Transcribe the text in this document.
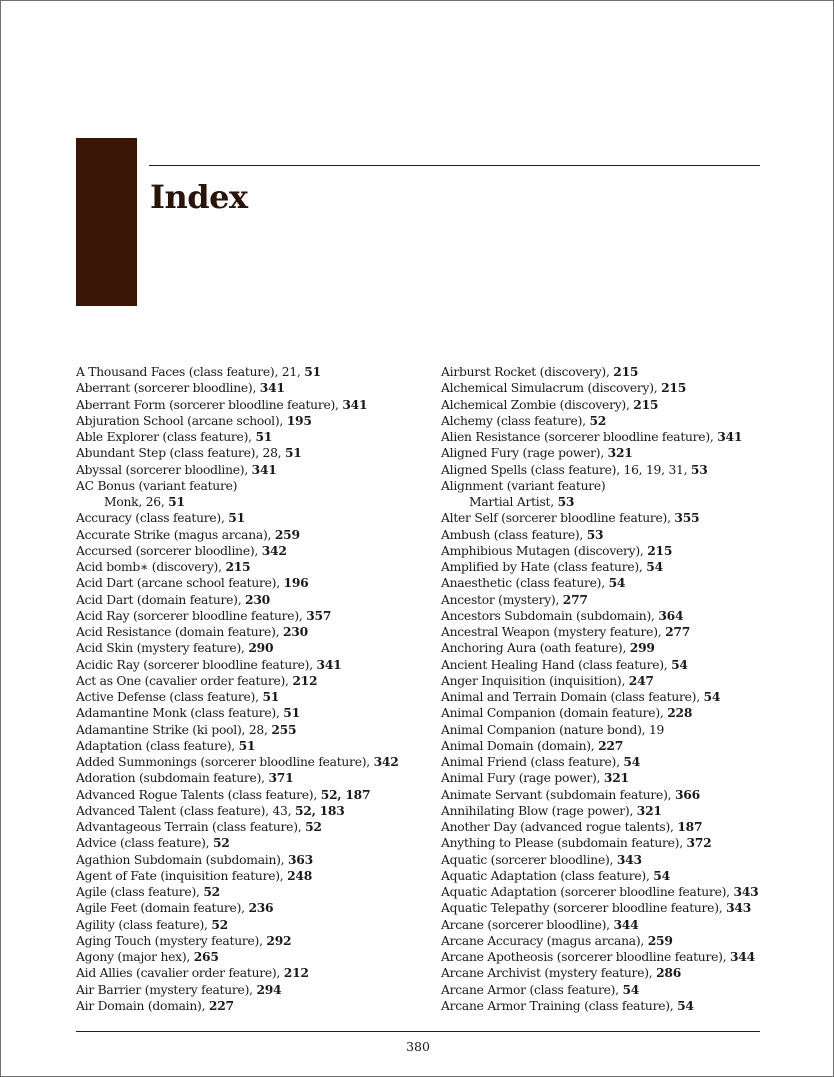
Index
A Thousand Faces (class feature), 21, 51
Aberrant (sorcerer bloodline), 341
Aberrant Form (sorcerer bloodline feature), 341
Abjuration School (arcane school), 195
Able Explorer (class feature), 51
Abundant Step (class feature), 28, 51
Abyssal (sorcerer bloodline), 341
AC Bonus (variant feature)
Monk, 26, 51
Accuracy (class feature), 51
Accurate Strike (magus arcana), 259
Accursed (sorcerer bloodline), 342
Acid bomb∗ (discovery), 215
Acid Dart (arcane school feature), 196
Acid Dart (domain feature), 230
Acid Ray (sorcerer bloodline feature), 357
Acid Resistance (domain feature), 230
Acid Skin (mystery feature), 290
Acidic Ray (sorcerer bloodline feature), 341
Act as One (cavalier order feature), 212
Active Defense (class feature), 51
Adamantine Monk (class feature), 51
Adamantine Strike (ki pool), 28, 255
Adaptation (class feature), 51
Added Summonings (sorcerer bloodline feature), 342
Adoration (subdomain feature), 371
Advanced Rogue Talents (class feature), 52, 187
Advanced Talent (class feature), 43, 52, 183
Advantageous Terrain (class feature), 52
Advice (class feature), 52
Agathion Subdomain (subdomain), 363
Agent of Fate (inquisition feature), 248
Agile (class feature), 52
Agile Feet (domain feature), 236
Agility (class feature), 52
Aging Touch (mystery feature), 292
Agony (major hex), 265
Aid Allies (cavalier order feature), 212
Air Barrier (mystery feature), 294
Air Domain (domain), 227
Airburst Rocket (discovery), 215
Alchemical Simulacrum (discovery), 215
Alchemical Zombie (discovery), 215
Alchemy (class feature), 52
Alien Resistance (sorcerer bloodline feature), 341
Aligned Fury (rage power), 321
Aligned Spells (class feature), 16, 19, 31, 53
Alignment (variant feature)
Martial Artist, 53
Alter Self (sorcerer bloodline feature), 355
Ambush (class feature), 53
Amphibious Mutagen (discovery), 215
Amplified by Hate (class feature), 54
Anaesthetic (class feature), 54
Ancestor (mystery), 277
Ancestors Subdomain (subdomain), 364
Ancestral Weapon (mystery feature), 277
Anchoring Aura (oath feature), 299
Ancient Healing Hand (class feature), 54
Anger Inquisition (inquisition), 247
Animal and Terrain Domain (class feature), 54
Animal Companion (domain feature), 228
Animal Companion (nature bond), 19
Animal Domain (domain), 227
Animal Friend (class feature), 54
Animal Fury (rage power), 321
Animate Servant (subdomain feature), 366
Annihilating Blow (rage power), 321
Another Day (advanced rogue talents), 187
Anything to Please (subdomain feature), 372
Aquatic (sorcerer bloodline), 343
Aquatic Adaptation (class feature), 54
Aquatic Adaptation (sorcerer bloodline feature), 343
Aquatic Telepathy (sorcerer bloodline feature), 343
Arcane (sorcerer bloodline), 344
Arcane Accuracy (magus arcana), 259
Arcane Apotheosis (sorcerer bloodline feature), 344
Arcane Archivist (mystery feature), 286
Arcane Armor (class feature), 54
Arcane Armor Training (class feature), 54
380
